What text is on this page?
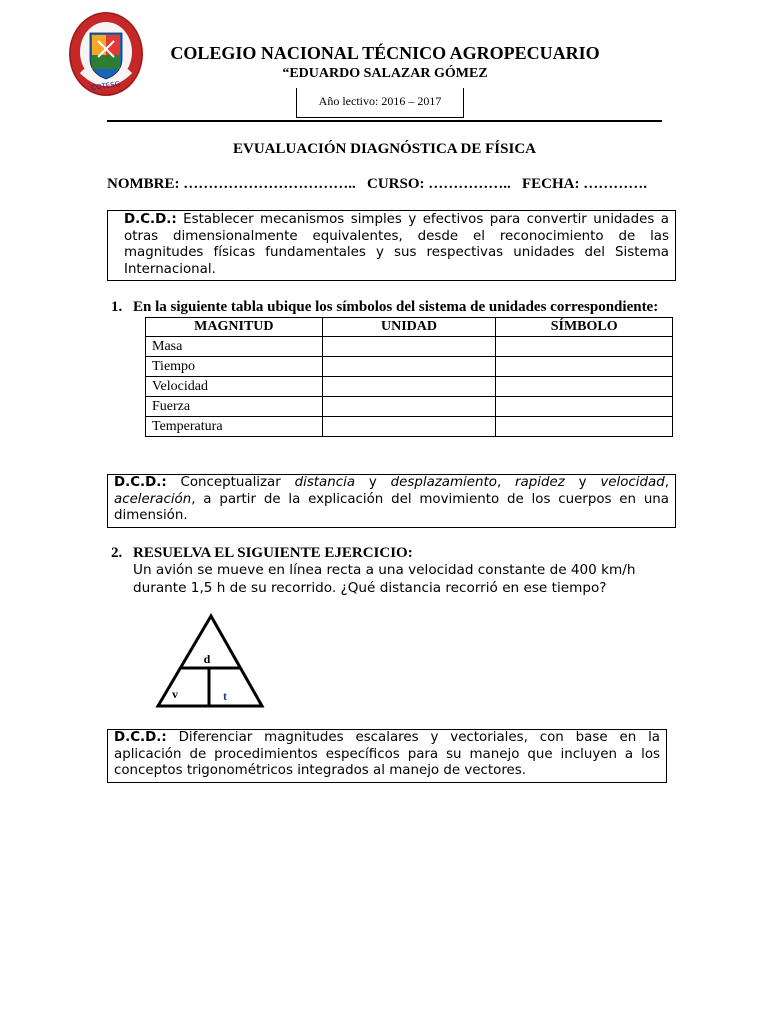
COTESG
COLEGIO NACIONAL TÉCNICO AGROPECUARIO
“EDUARDO SALAZAR GÓMEZ
Año lectivo: 2016 – 2017
EVUALUACIÓN DIAGNÓSTICA DE FÍSICA
NOMBRE: …………………………….. CURSO: …………….. FECHA: ………….
D.C.D.: Establecer mecanismos simples y efectivos para convertir unidades a otras dimensionalmente equivalentes, desde el reconocimiento de las magnitudes físicas fundamentales y sus respectivas unidades del Sistema Internacional.
1. En la siguiente tabla ubique los símbolos del sistema de unidades correspondiente:
MAGNITUD	UNIDAD	SÍMBOLO
Masa		
Tiempo		
Velocidad		
Fuerza		
Temperatura		
D.C.D.: Conceptualizar distancia y desplazamiento, rapidez y velocidad, aceleración, a partir de la explicación del movimiento de los cuerpos en una dimensión.
2. RESUELVA EL SIGUIENTE EJERCICIO:
Un avión se mueve en línea recta a una velocidad constante de 400 km/h durante 1,5 h de su recorrido. ¿Qué distancia recorrió en ese tiempo?
d
v	t
D.C.D.: Diferenciar magnitudes escalares y vectoriales, con base en la aplicación de procedimientos específicos para su manejo que incluyen a los conceptos trigonométricos integrados al manejo de vectores.
